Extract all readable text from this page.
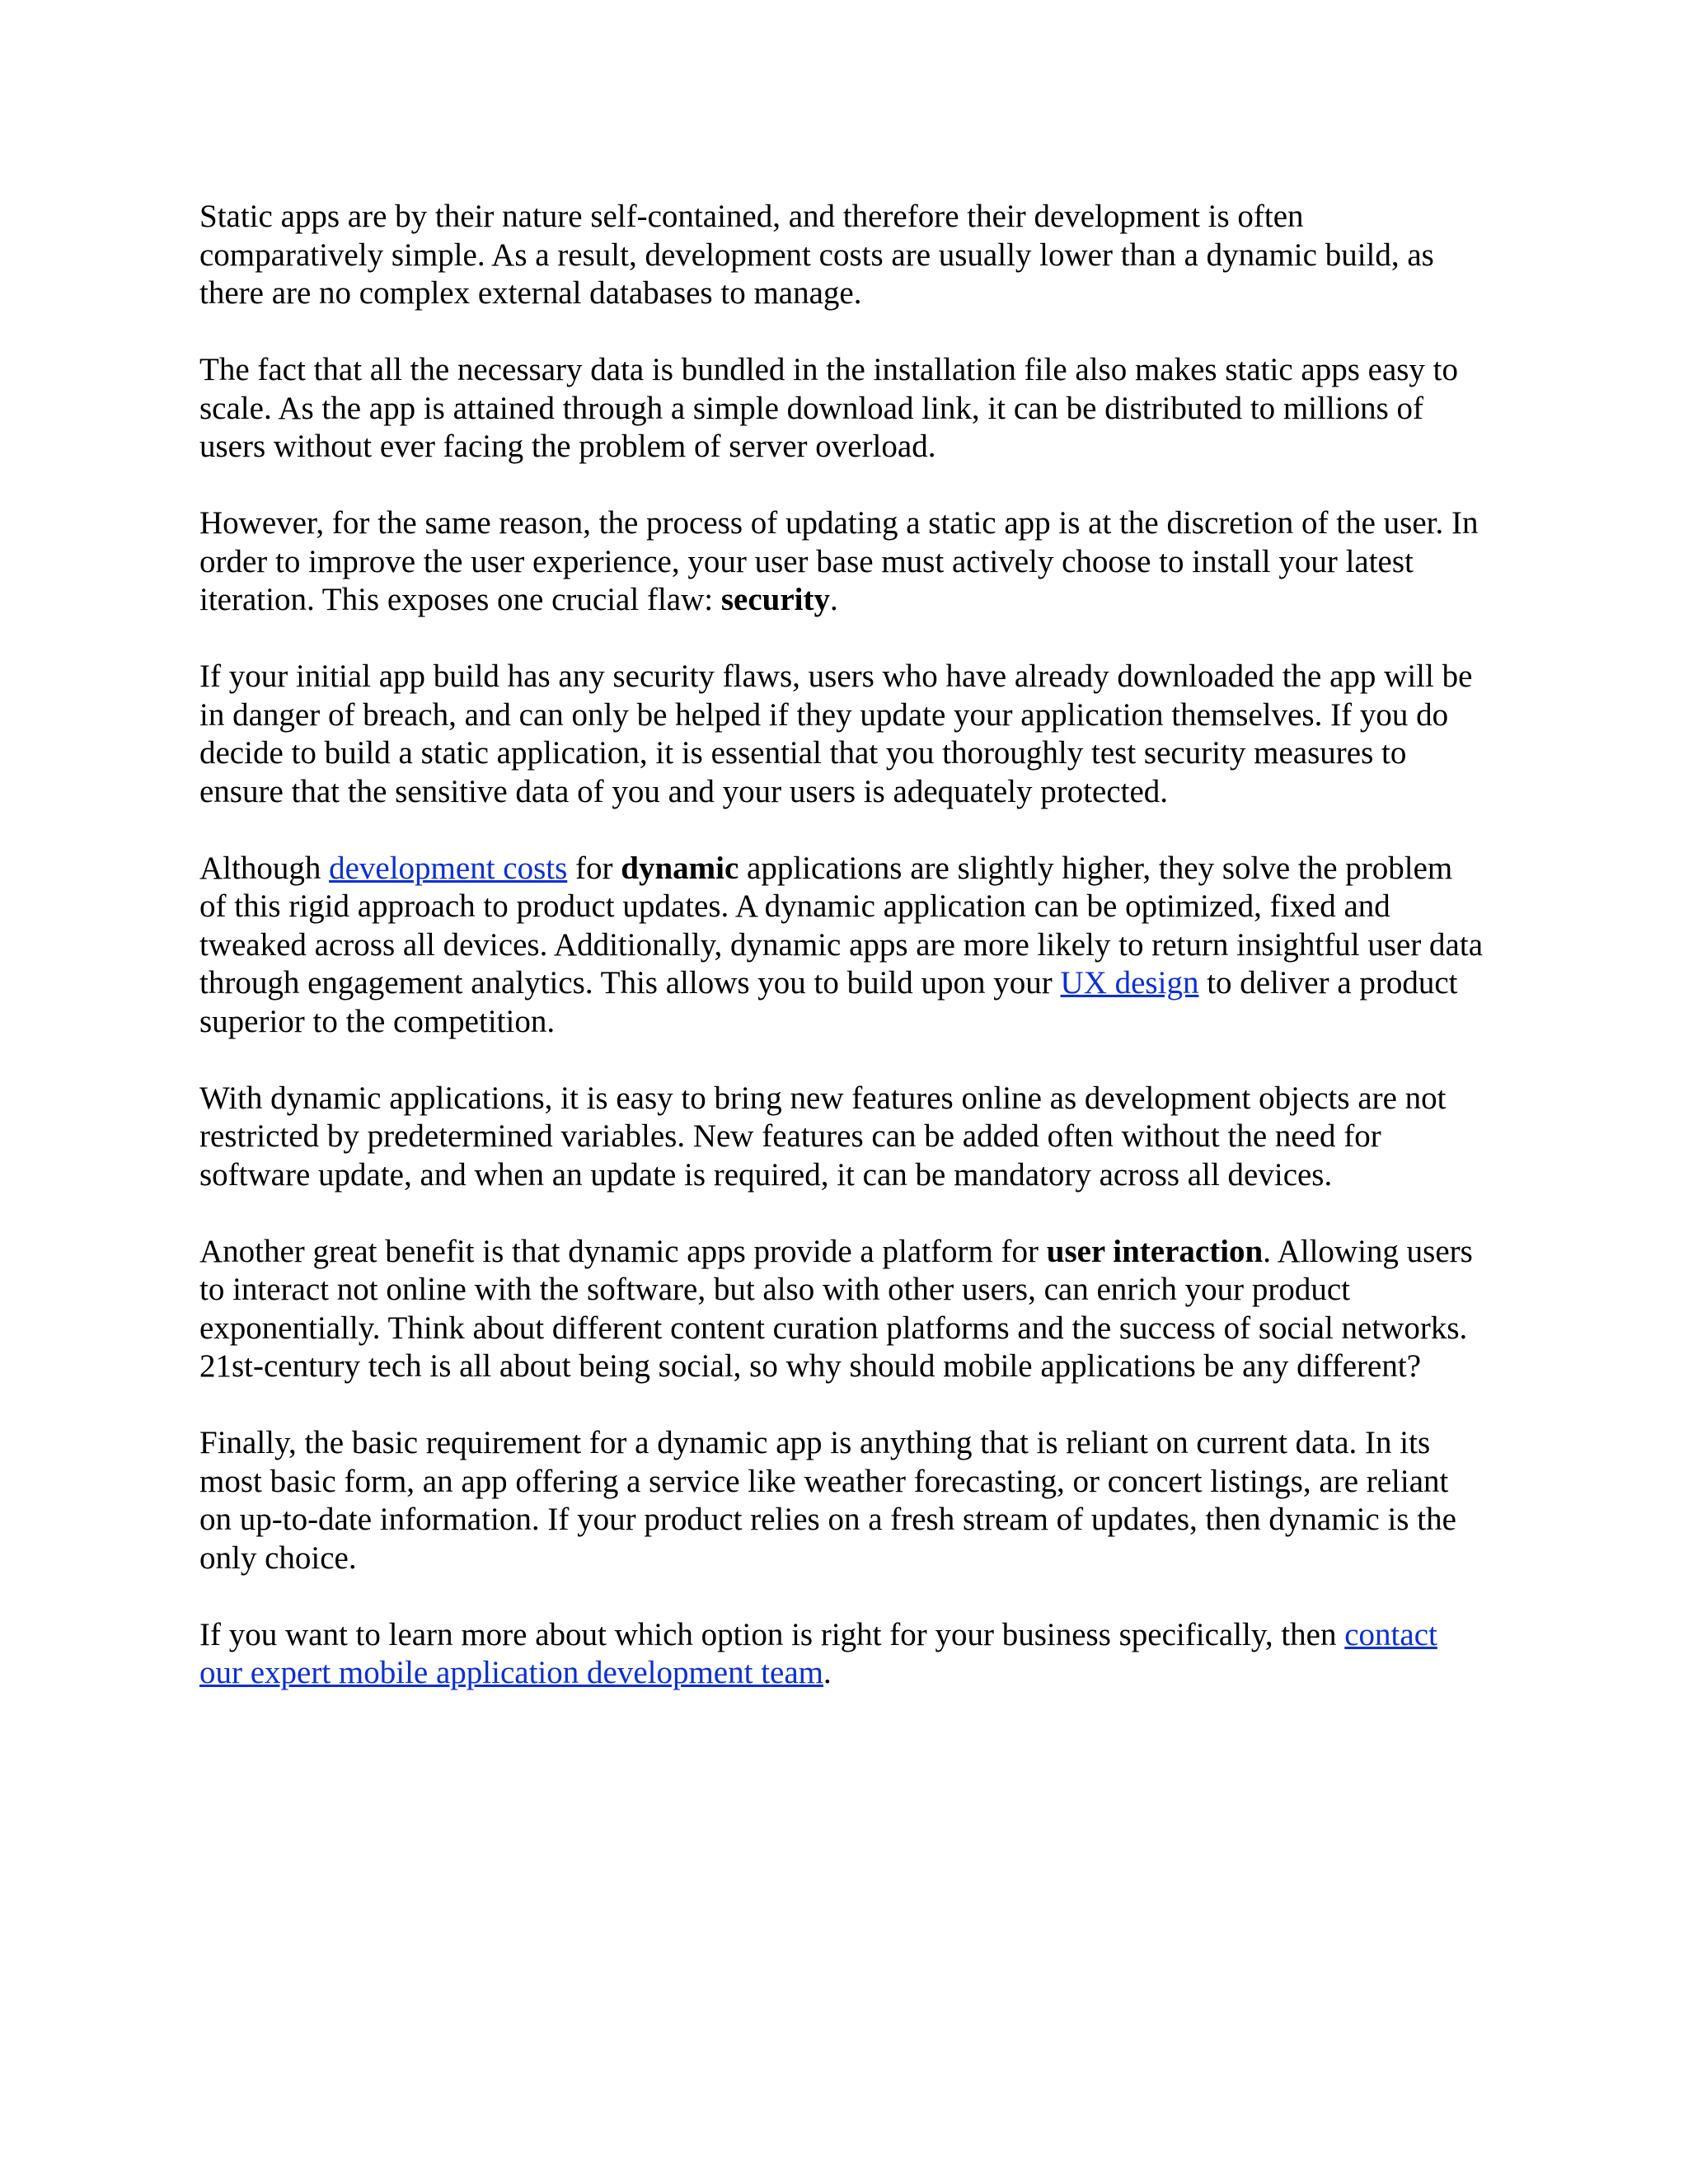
Static apps are by their nature self-contained, and therefore their development is often comparatively simple. As a result, development costs are usually lower than a dynamic build, as there are no complex external databases to manage.

The fact that all the necessary data is bundled in the installation file also makes static apps easy to scale. As the app is attained through a simple download link, it can be distributed to millions of users without ever facing the problem of server overload.

However, for the same reason, the process of updating a static app is at the discretion of the user. In order to improve the user experience, your user base must actively choose to install your latest iteration. This exposes one crucial flaw: security.

If your initial app build has any security flaws, users who have already downloaded the app will be in danger of breach, and can only be helped if they update your application themselves. If you do decide to build a static application, it is essential that you thoroughly test security measures to ensure that the sensitive data of you and your users is adequately protected.

Although development costs for dynamic applications are slightly higher, they solve the problem of this rigid approach to product updates. A dynamic application can be optimized, fixed and tweaked across all devices. Additionally, dynamic apps are more likely to return insightful user data through engagement analytics. This allows you to build upon your UX design to deliver a product superior to the competition.

With dynamic applications, it is easy to bring new features online as development objects are not restricted by predetermined variables. New features can be added often without the need for software update, and when an update is required, it can be mandatory across all devices.

Another great benefit is that dynamic apps provide a platform for user interaction. Allowing users to interact not online with the software, but also with other users, can enrich your product exponentially. Think about different content curation platforms and the success of social networks. 21st-century tech is all about being social, so why should mobile applications be any different?

Finally, the basic requirement for a dynamic app is anything that is reliant on current data. In its most basic form, an app offering a service like weather forecasting, or concert listings, are reliant on up-to-date information. If your product relies on a fresh stream of updates, then dynamic is the only choice.

If you want to learn more about which option is right for your business specifically, then contact our expert mobile application development team.
